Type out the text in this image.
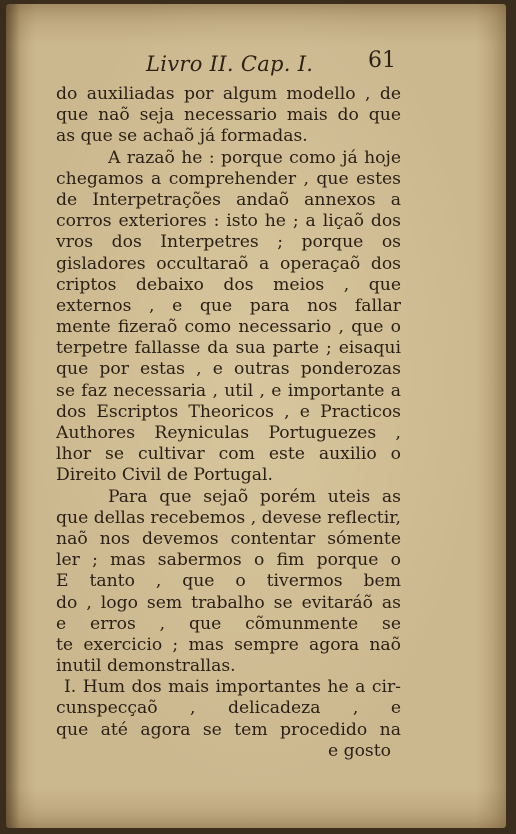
Livro II. Cap. I. 61
do auxiliadas por algum modello , de
que naõ seja necessario mais do que
as que se achaõ já formadas.
A razaõ he : porque como já hoje
chegamos a comprehender , que estes
de Interpetrações andaõ annexos a
corros exteriores : isto he ; a liçaõ dos
vros dos Interpetres ; porque os
gisladores occultaraõ a operaçaõ dos
criptos debaixo dos meios , que
externos , e que para nos fallar
mente fizeraõ como necessario , que o
terpetre fallasse da sua parte ; eisaqui
que por estas , e outras ponderozas
se faz necessaria , util , e importante a
dos Escriptos Theoricos , e Practicos
Authores Reyniculas Portuguezes ,
lhor se cultivar com este auxilio o
Direito Civil de Portugal.
Para que sejaõ porém uteis as
que dellas recebemos , devese reflectir,
naõ nos devemos contentar sómente
ler ; mas sabermos o fim porque o
E tanto , que o tivermos bem
do , logo sem trabalho se evitaráõ as
e erros , que cõmunmente se
te exercicio ; mas sempre agora naõ
inutil demonstrallas.
I. Hum dos mais importantes he a cir-
cunspecçaõ , delicadeza , e
que até agora se tem procedido na
e gosto
